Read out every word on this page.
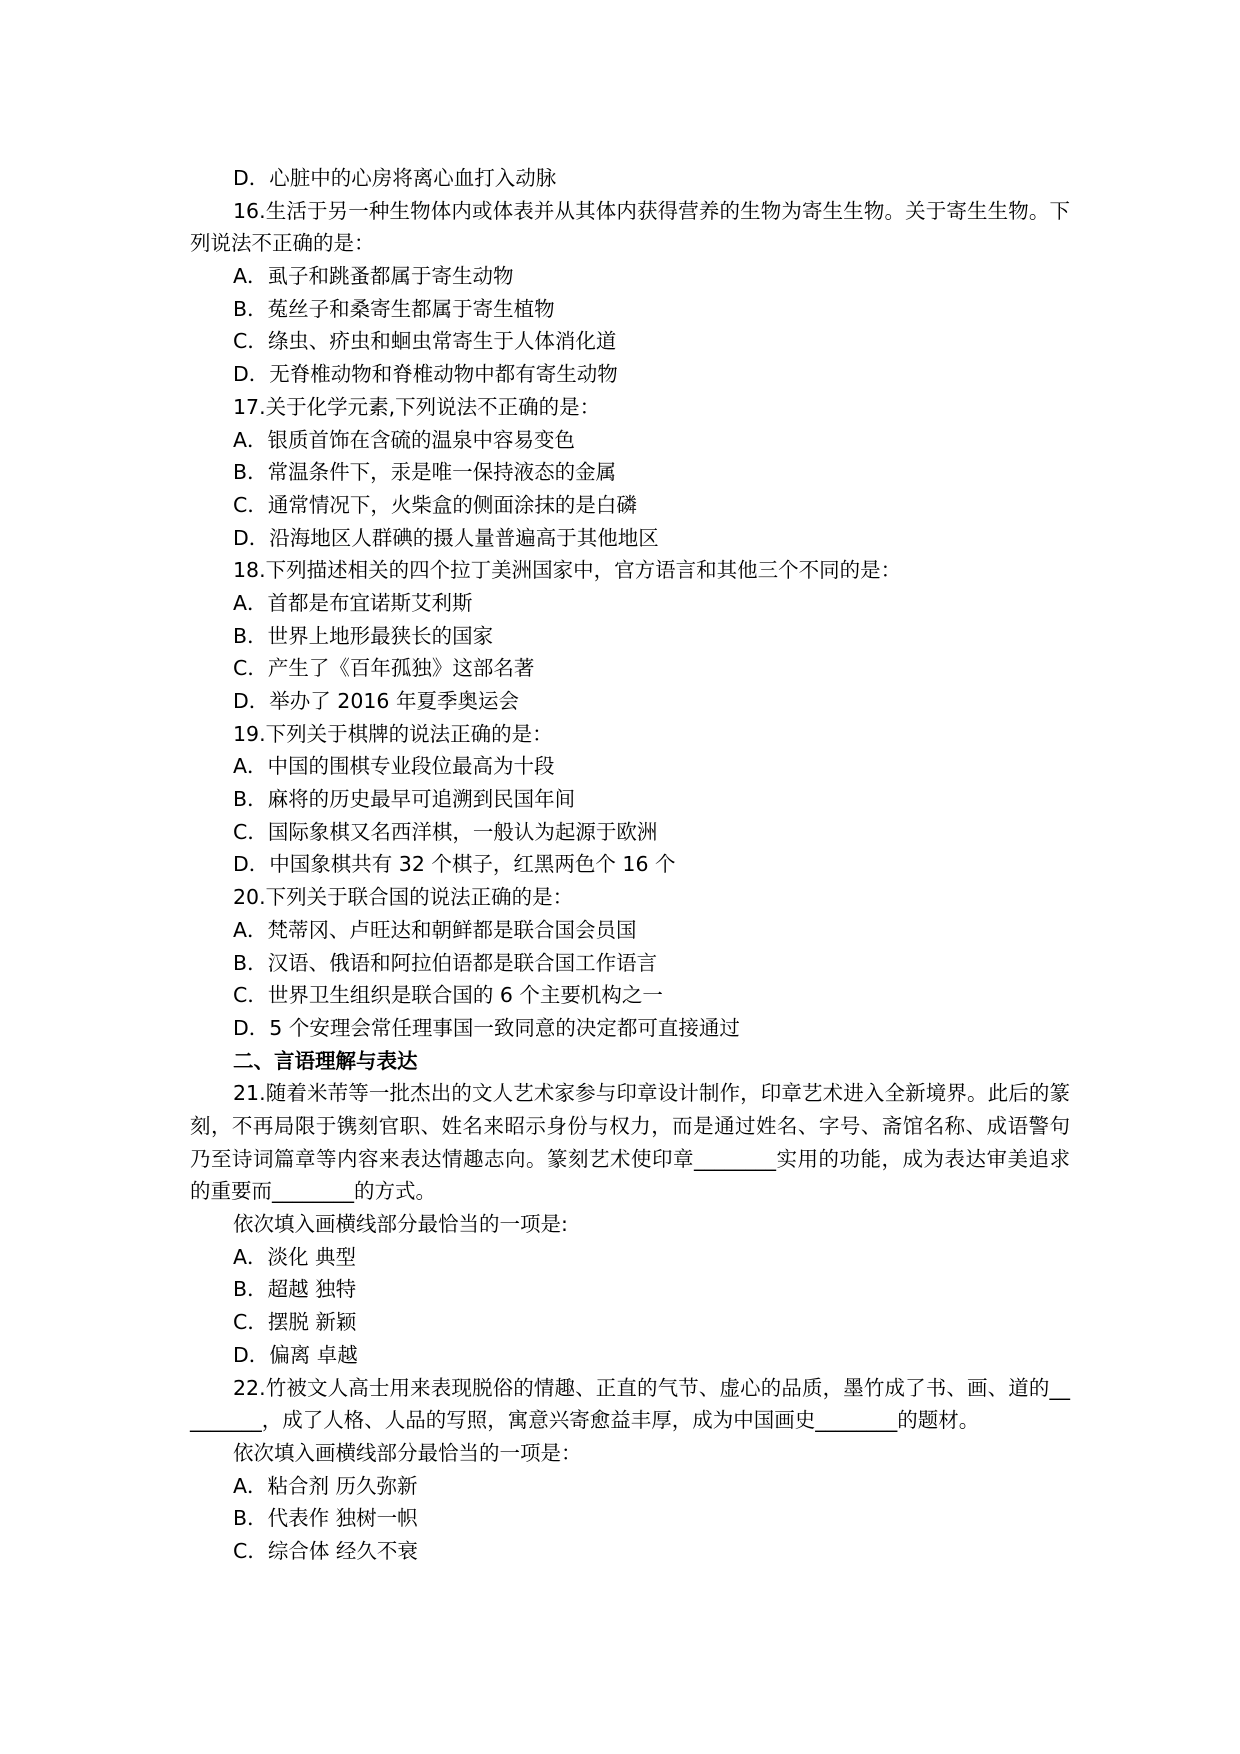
D．心脏中的心房将离心血打入动脉
16.生活于另一种生物体内或体表并从其体内获得营养的生物为寄生生物。关于寄生生物。下列说法不正确的是：
A．虱子和跳蚤都属于寄生动物
B．菟丝子和桑寄生都属于寄生植物
C．绦虫、疥虫和蛔虫常寄生于人体消化道
D．无脊椎动物和脊椎动物中都有寄生动物
17.关于化学元素,下列说法不正确的是：
A．银质首饰在含硫的温泉中容易变色
B．常温条件下，汞是唯一保持液态的金属
C．通常情况下，火柴盒的侧面涂抹的是白磷
D．沿海地区人群碘的摄人量普遍高于其他地区
18.下列描述相关的四个拉丁美洲国家中，官方语言和其他三个不同的是：
A．首都是布宜诺斯艾利斯
B．世界上地形最狭长的国家
C．产生了《百年孤独》这部名著
D．举办了 2016 年夏季奥运会
19.下列关于棋牌的说法正确的是：
A．中国的围棋专业段位最高为十段
B．麻将的历史最早可追溯到民国年间
C．国际象棋又名西洋棋，一般认为起源于欧洲
D．中国象棋共有 32 个棋子，红黑两色个 16 个
20.下列关于联合国的说法正确的是：
A．梵蒂冈、卢旺达和朝鲜都是联合国会员国
B．汉语、俄语和阿拉伯语都是联合国工作语言
C．世界卫生组织是联合国的 6 个主要机构之一
D．5 个安理会常任理事国一致同意的决定都可直接通过
二、言语理解与表达
21.随着米芾等一批杰出的文人艺术家参与印章设计制作，印章艺术进入全新境界。此后的篆刻，不再局限于镌刻官职、姓名来昭示身份与权力，而是通过姓名、字号、斋馆名称、成语警句乃至诗词篇章等内容来表达情趣志向。篆刻艺术使印章________实用的功能，成为表达审美追求的重要而________的方式。
依次填入画横线部分最恰当的一项是:
A．淡化 典型
B．超越 独特
C．摆脱 新颖
D．偏离 卓越
22.竹被文人高士用来表现脱俗的情趣、正直的气节、虚心的品质，墨竹成了书、画、道的_________，成了人格、人品的写照，寓意兴寄愈益丰厚，成为中国画史________的题材。
依次填入画横线部分最恰当的一项是：
A．粘合剂 历久弥新
B．代表作 独树一帜
C．综合体 经久不衰
